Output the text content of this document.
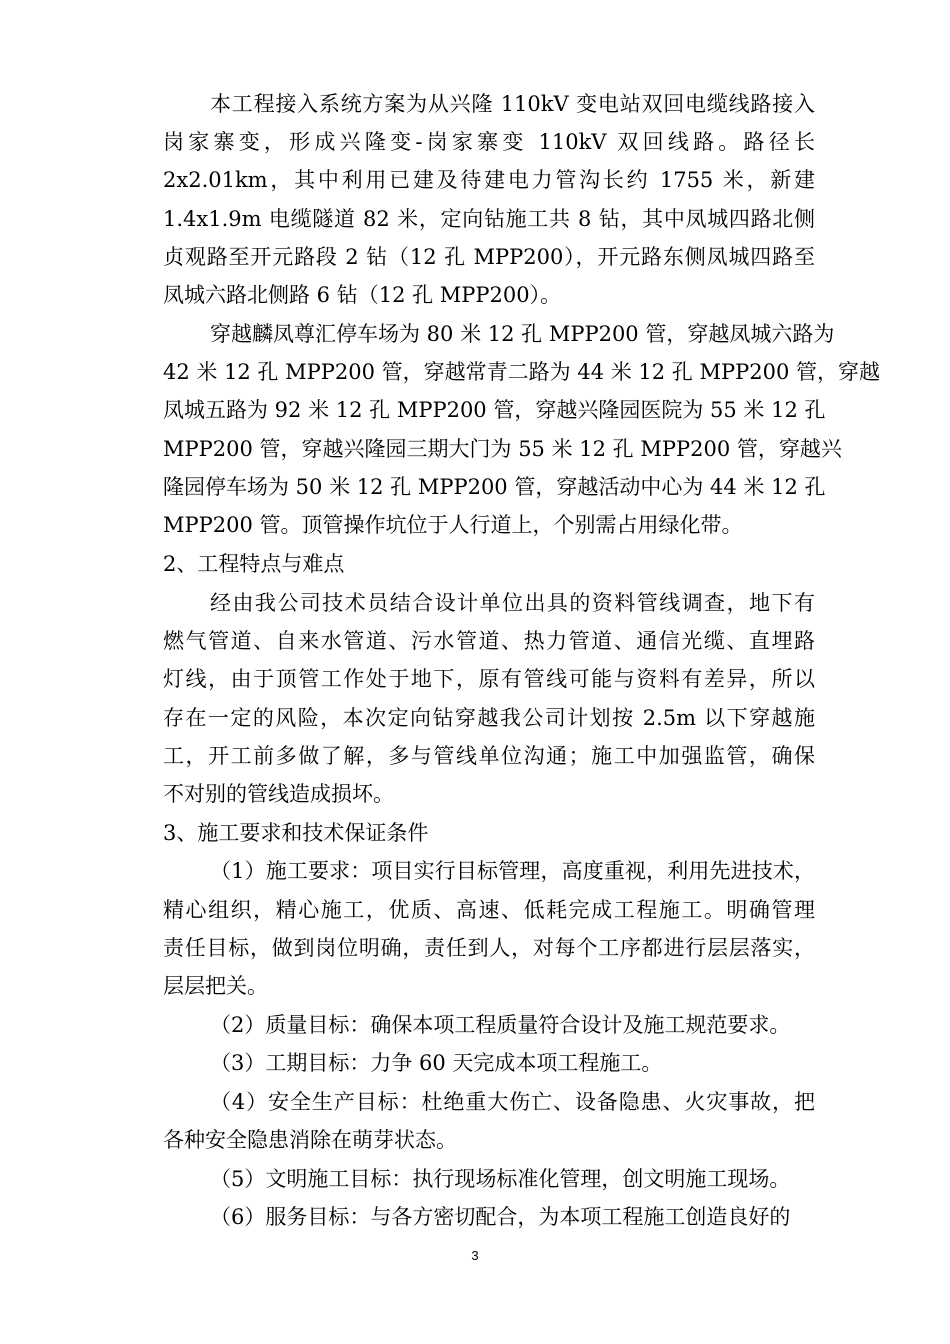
本工程接入系统方案为从兴隆 110kV 变电站双回电缆线路接入
岗家寨变，形成兴隆变-岗家寨变 110kV 双回线路。路径长
2x2.01km，其中利用已建及待建电力管沟长约 1755 米，新建
1.4x1.9m 电缆隧道 82 米，定向钻施工共 8 钻，其中凤城四路北侧
贞观路至开元路段 2 钻（12 孔 MPP200），开元路东侧凤城四路至
凤城六路北侧路 6 钻（12 孔 MPP200）。
穿越麟凤尊汇停车场为 80 米 12 孔 MPP200 管，穿越凤城六路为
42 米 12 孔 MPP200 管，穿越常青二路为 44 米 12 孔 MPP200 管，穿越
凤城五路为 92 米 12 孔 MPP200 管，穿越兴隆园医院为 55 米 12 孔
MPP200 管，穿越兴隆园三期大门为 55 米 12 孔 MPP200 管，穿越兴
隆园停车场为 50 米 12 孔 MPP200 管，穿越活动中心为 44 米 12 孔
MPP200 管。顶管操作坑位于人行道上，个别需占用绿化带。
2、工程特点与难点
经由我公司技术员结合设计单位出具的资料管线调查，地下有
燃气管道、自来水管道、污水管道、热力管道、通信光缆、直埋路
灯线，由于顶管工作处于地下，原有管线可能与资料有差异，所以
存在一定的风险，本次定向钻穿越我公司计划按 2.5m 以下穿越施
工，开工前多做了解，多与管线单位沟通；施工中加强监管，确保
不对别的管线造成损坏。
3、施工要求和技术保证条件
（1）施工要求：项目实行目标管理，高度重视，利用先进技术，
精心组织，精心施工，优质、高速、低耗完成工程施工。明确管理
责任目标，做到岗位明确，责任到人，对每个工序都进行层层落实，
层层把关。
（2）质量目标：确保本项工程质量符合设计及施工规范要求。
（3）工期目标：力争 60 天完成本项工程施工。
（4）安全生产目标：杜绝重大伤亡、设备隐患、火灾事故，把
各种安全隐患消除在萌芽状态。
（5）文明施工目标：执行现场标准化管理，创文明施工现场。
（6）服务目标：与各方密切配合，为本项工程施工创造良好的
3
